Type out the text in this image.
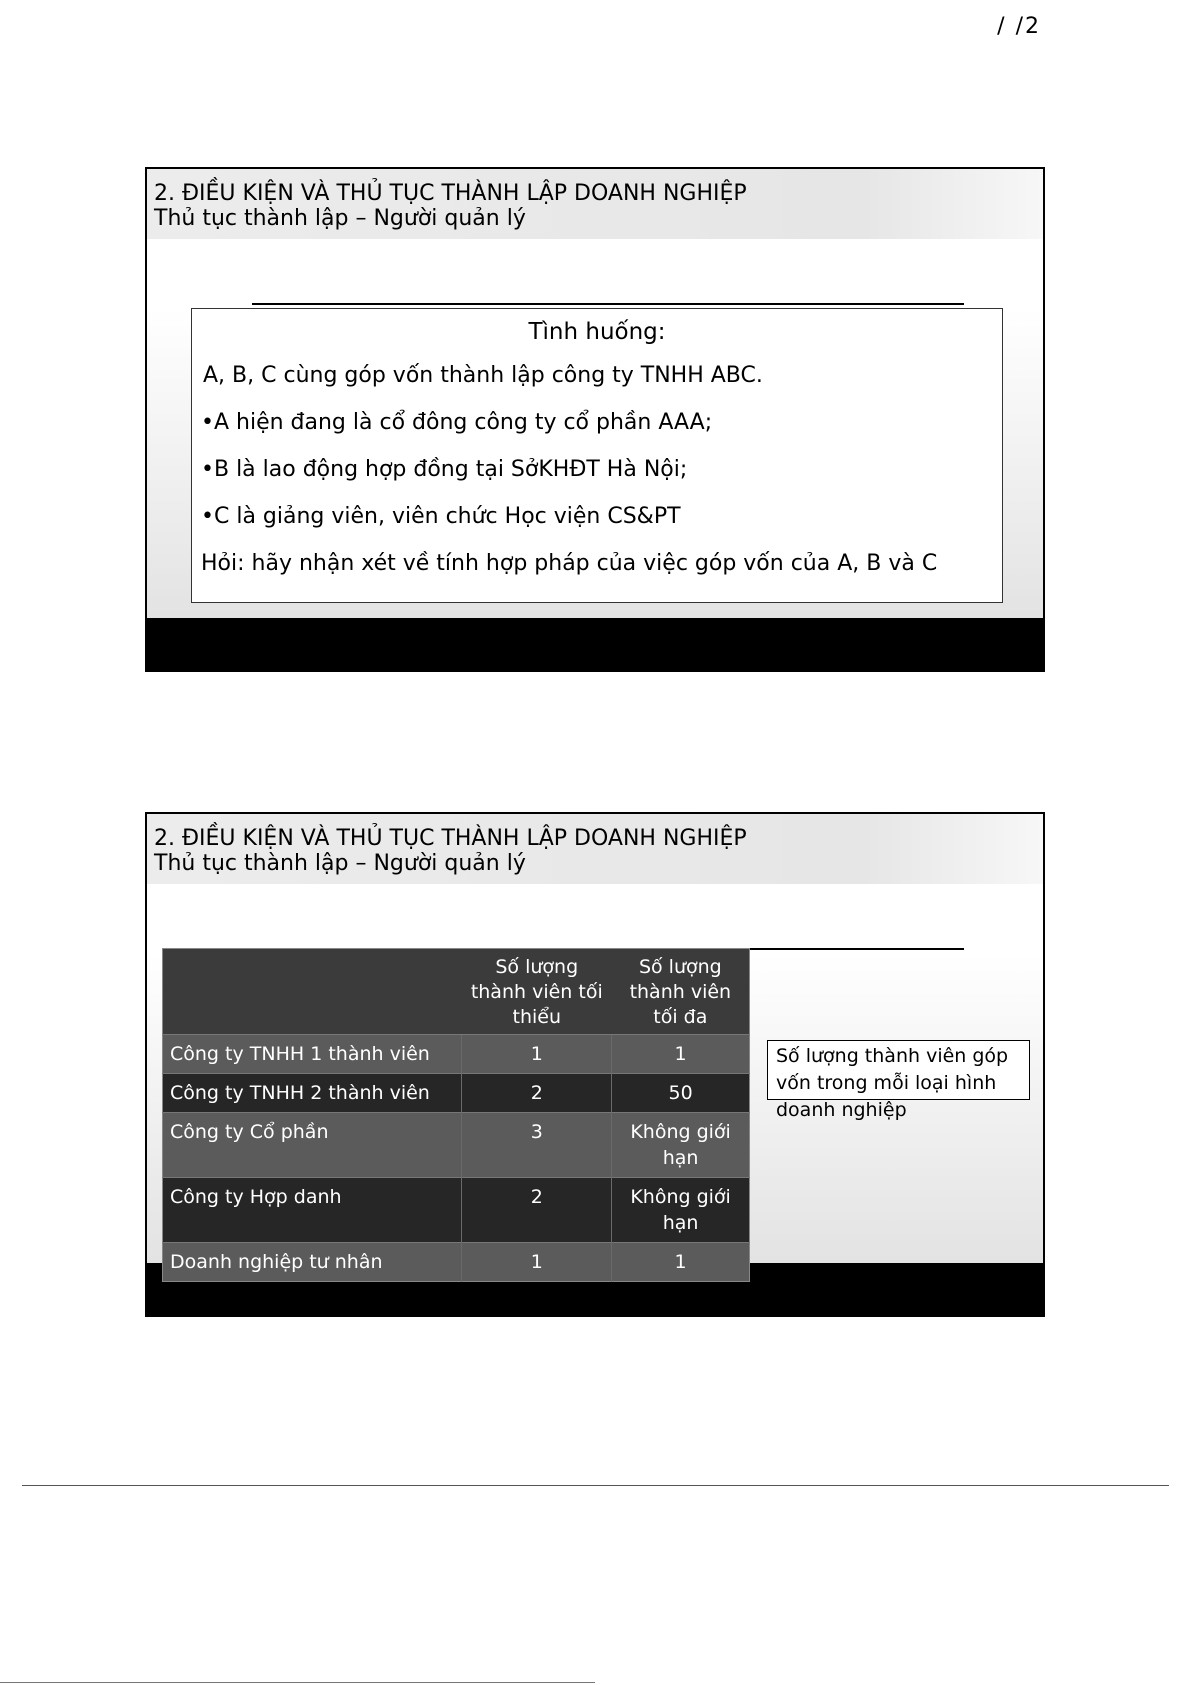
/ /2
2. ĐIỀU KIỆN VÀ THỦ TỤC THÀNH LẬP DOANH NGHIỆP
Thủ tục thành lập – Người quản lý
Tình huống:
A, B, C cùng góp vốn thành lập công ty TNHH ABC.
•A hiện đang là cổ đông công ty cổ phần AAA;
•B là lao động hợp đồng tại SởKHĐT Hà Nội;
•C là giảng viên, viên chức Học viện CS&PT
Hỏi: hãy nhận xét về tính hợp pháp của việc góp vốn của A, B và C
2. ĐIỀU KIỆN VÀ THỦ TỤC THÀNH LẬP DOANH NGHIỆP
Thủ tục thành lập – Người quản lý
	Số lượng thành viên tối thiểu	Số lượng thành viên tối đa
Công ty TNHH 1 thành viên	1	1
Công ty TNHH 2 thành viên	2	50
Công ty Cổ phần	3	Không giới hạn
Công ty Hợp danh	2	Không giới hạn
Doanh nghiệp tư nhân	1	1
Số lượng thành viên góp vốn trong mỗi loại hình doanh nghiệp
